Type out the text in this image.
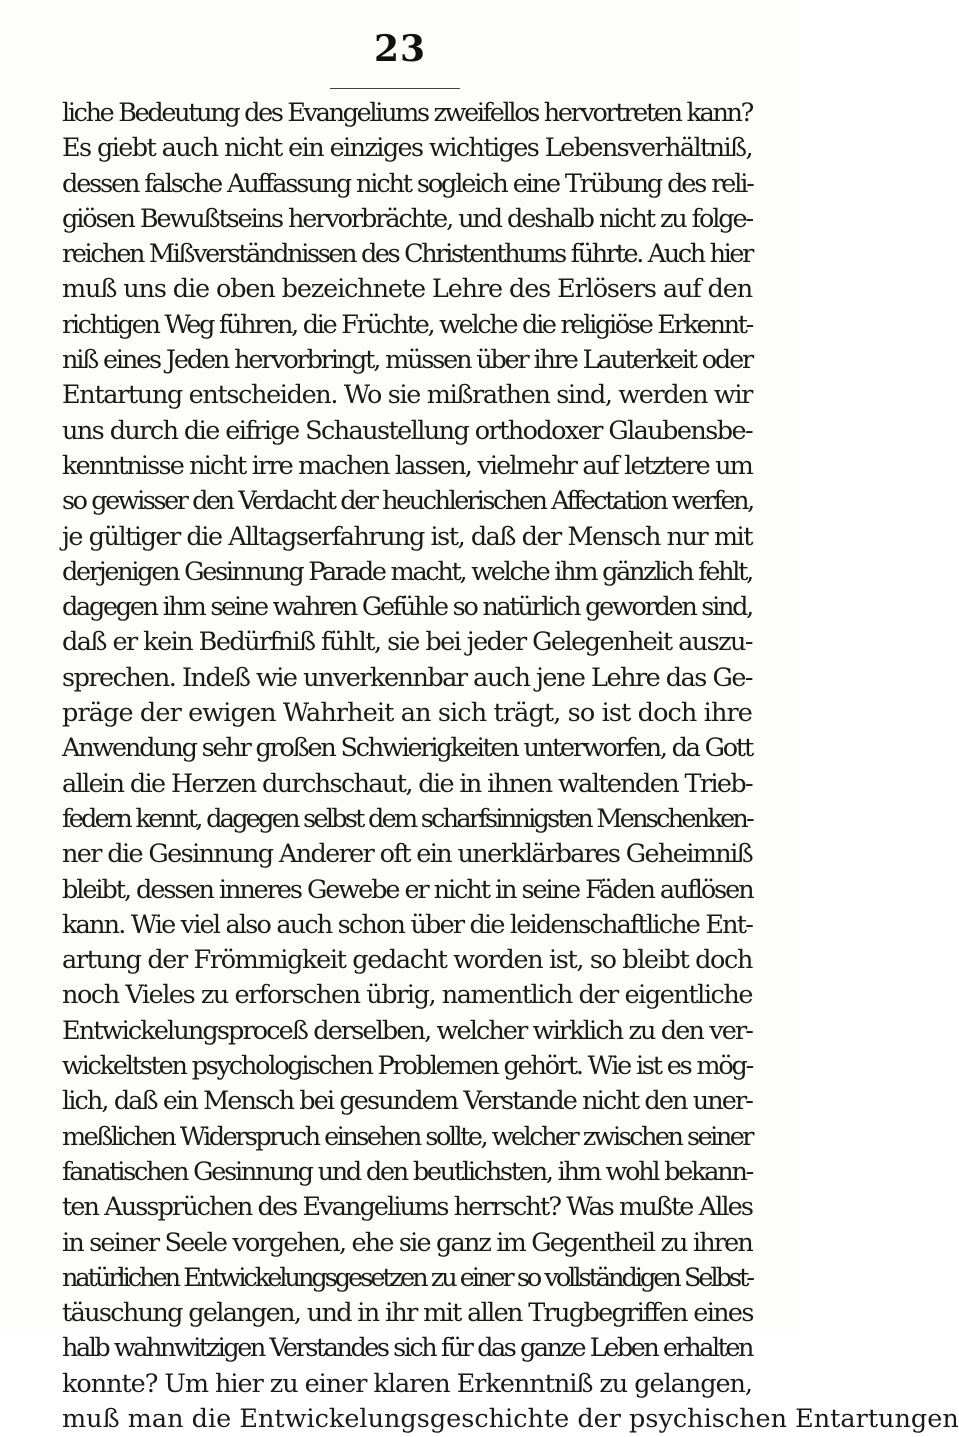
23
liche Bedeutung des Evangeliums zweifellos hervortreten kann?
Es giebt auch nicht ein einziges wichtiges Lebensverhältniß,
dessen falsche Auffassung nicht sogleich eine Trübung des reli-
giösen Bewußtseins hervorbrächte, und deshalb nicht zu folge-
reichen Mißverständnissen des Christenthums führte. Auch hier
muß uns die oben bezeichnete Lehre des Erlösers auf den
richtigen Weg führen, die Früchte, welche die religiöse Erkennt-
niß eines Jeden hervorbringt, müssen über ihre Lauterkeit oder
Entartung entscheiden. Wo sie mißrathen sind, werden wir
uns durch die eifrige Schaustellung orthodoxer Glaubensbe-
kenntnisse nicht irre machen lassen, vielmehr auf letztere um
so gewisser den Verdacht der heuchlerischen Affectation werfen,
je gültiger die Alltagserfahrung ist, daß der Mensch nur mit
derjenigen Gesinnung Parade macht, welche ihm gänzlich fehlt,
dagegen ihm seine wahren Gefühle so natürlich geworden sind,
daß er kein Bedürfniß fühlt, sie bei jeder Gelegenheit auszu-
sprechen. Indeß wie unverkennbar auch jene Lehre das Ge-
präge der ewigen Wahrheit an sich trägt, so ist doch ihre
Anwendung sehr großen Schwierigkeiten unterworfen, da Gott
allein die Herzen durchschaut, die in ihnen waltenden Trieb-
federn kennt, dagegen selbst dem scharfsinnigsten Menschenken-
ner die Gesinnung Anderer oft ein unerklärbares Geheimniß
bleibt, dessen inneres Gewebe er nicht in seine Fäden auflösen
kann. Wie viel also auch schon über die leidenschaftliche Ent-
artung der Frömmigkeit gedacht worden ist, so bleibt doch
noch Vieles zu erforschen übrig, namentlich der eigentliche
Entwickelungsproceß derselben, welcher wirklich zu den ver-
wickeltsten psychologischen Problemen gehört. Wie ist es mög-
lich, daß ein Mensch bei gesundem Verstande nicht den uner-
meßlichen Widerspruch einsehen sollte, welcher zwischen seiner
fanatischen Gesinnung und den beutlichsten, ihm wohl bekann-
ten Aussprüchen des Evangeliums herrscht? Was mußte Alles
in seiner Seele vorgehen, ehe sie ganz im Gegentheil zu ihren
natürlichen Entwickelungsgesetzen zu einer so vollständigen Selbst-
täuschung gelangen, und in ihr mit allen Trugbegriffen eines
halb wahnwitzigen Verstandes sich für das ganze Leben erhalten
konnte? Um hier zu einer klaren Erkenntniß zu gelangen,
muß man die Entwickelungsgeschichte der psychischen Entartungen
